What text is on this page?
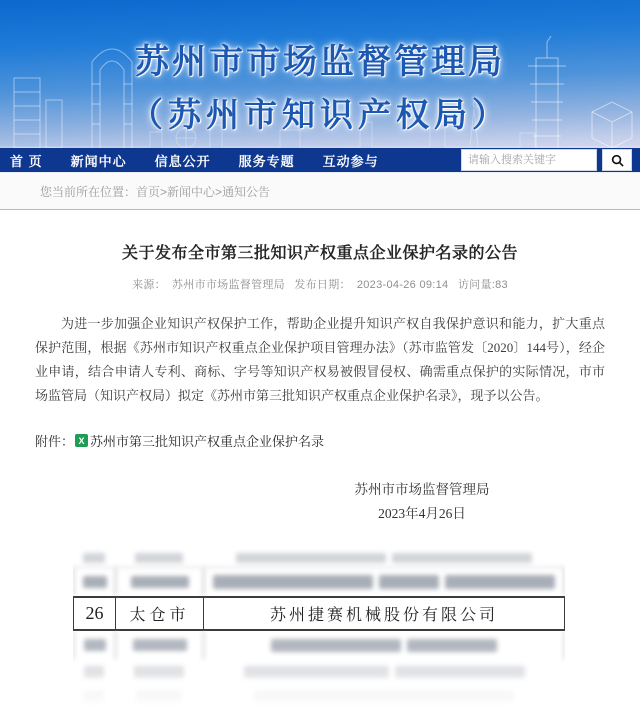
苏州市市场监督管理局
（苏州市知识产权局）
首 页 新闻中心 信息公开 服务专题 互动参与
请输入搜索关键字
您当前所在位置： 首页>新闻中心>通知公告
关于发布全市第三批知识产权重点企业保护名录的公告
来源： 苏州市市场监督管理局 发布日期： 2023-04-26 09:14 访问量:83
为进一步加强企业知识产权保护工作，帮助企业提升知识产权自我保护意识和能力，扩大重点保护范围，根据《苏州市知识产权重点企业保护项目管理办法》（苏市监管发〔2020〕144号），经企业申请，结合申请人专利、商标、字号等知识产权易被假冒侵权、确需重点保护的实际情况，市市场监管局（知识产权局）拟定《苏州市第三批知识产权重点企业保护名录》，现予以公告。
附件： X 苏州市第三批知识产权重点企业保护名录
苏州市市场监督管理局
2023年4月26日
26	太仓市	苏州捷赛机械股份有限公司
